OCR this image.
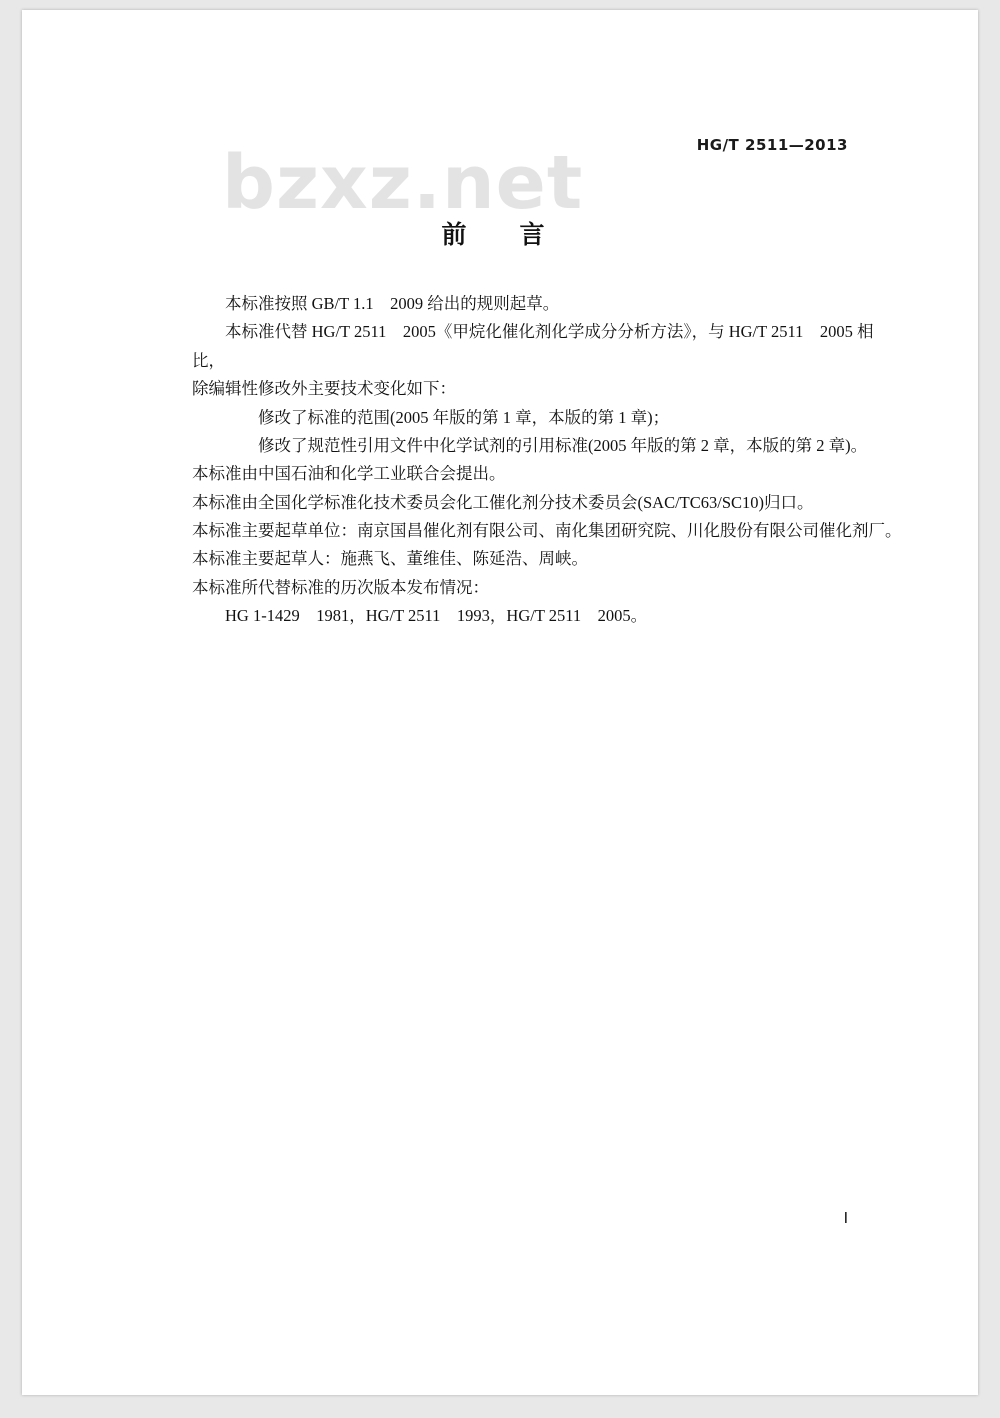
bzxz.net	HG/T 2511—2013
前　言

本标准按照 GB/T 1.1　2009 给出的规则起草。

本标准代替 HG/T 2511　2005《甲烷化催化剂化学成分分析方法》，与 HG/T 2511　2005 相比，

除编辑性修改外主要技术变化如下：

修改了标准的范围(2005 年版的第 1 章，本版的第 1 章)；

修改了规范性引用文件中化学试剂的引用标准(2005 年版的第 2 章，本版的第 2 章)。

本标准由中国石油和化学工业联合会提出。

本标准由全国化学标准化技术委员会化工催化剂分技术委员会(SAC/TC63/SC10)归口。

本标准主要起草单位：南京国昌催化剂有限公司、南化集团研究院、川化股份有限公司催化剂厂。

本标准主要起草人：施燕飞、董维佳、陈延浩、周峡。

本标准所代替标准的历次版本发布情况：

HG 1-1429　1981，HG/T 2511　1993，HG/T 2511　2005。

I
